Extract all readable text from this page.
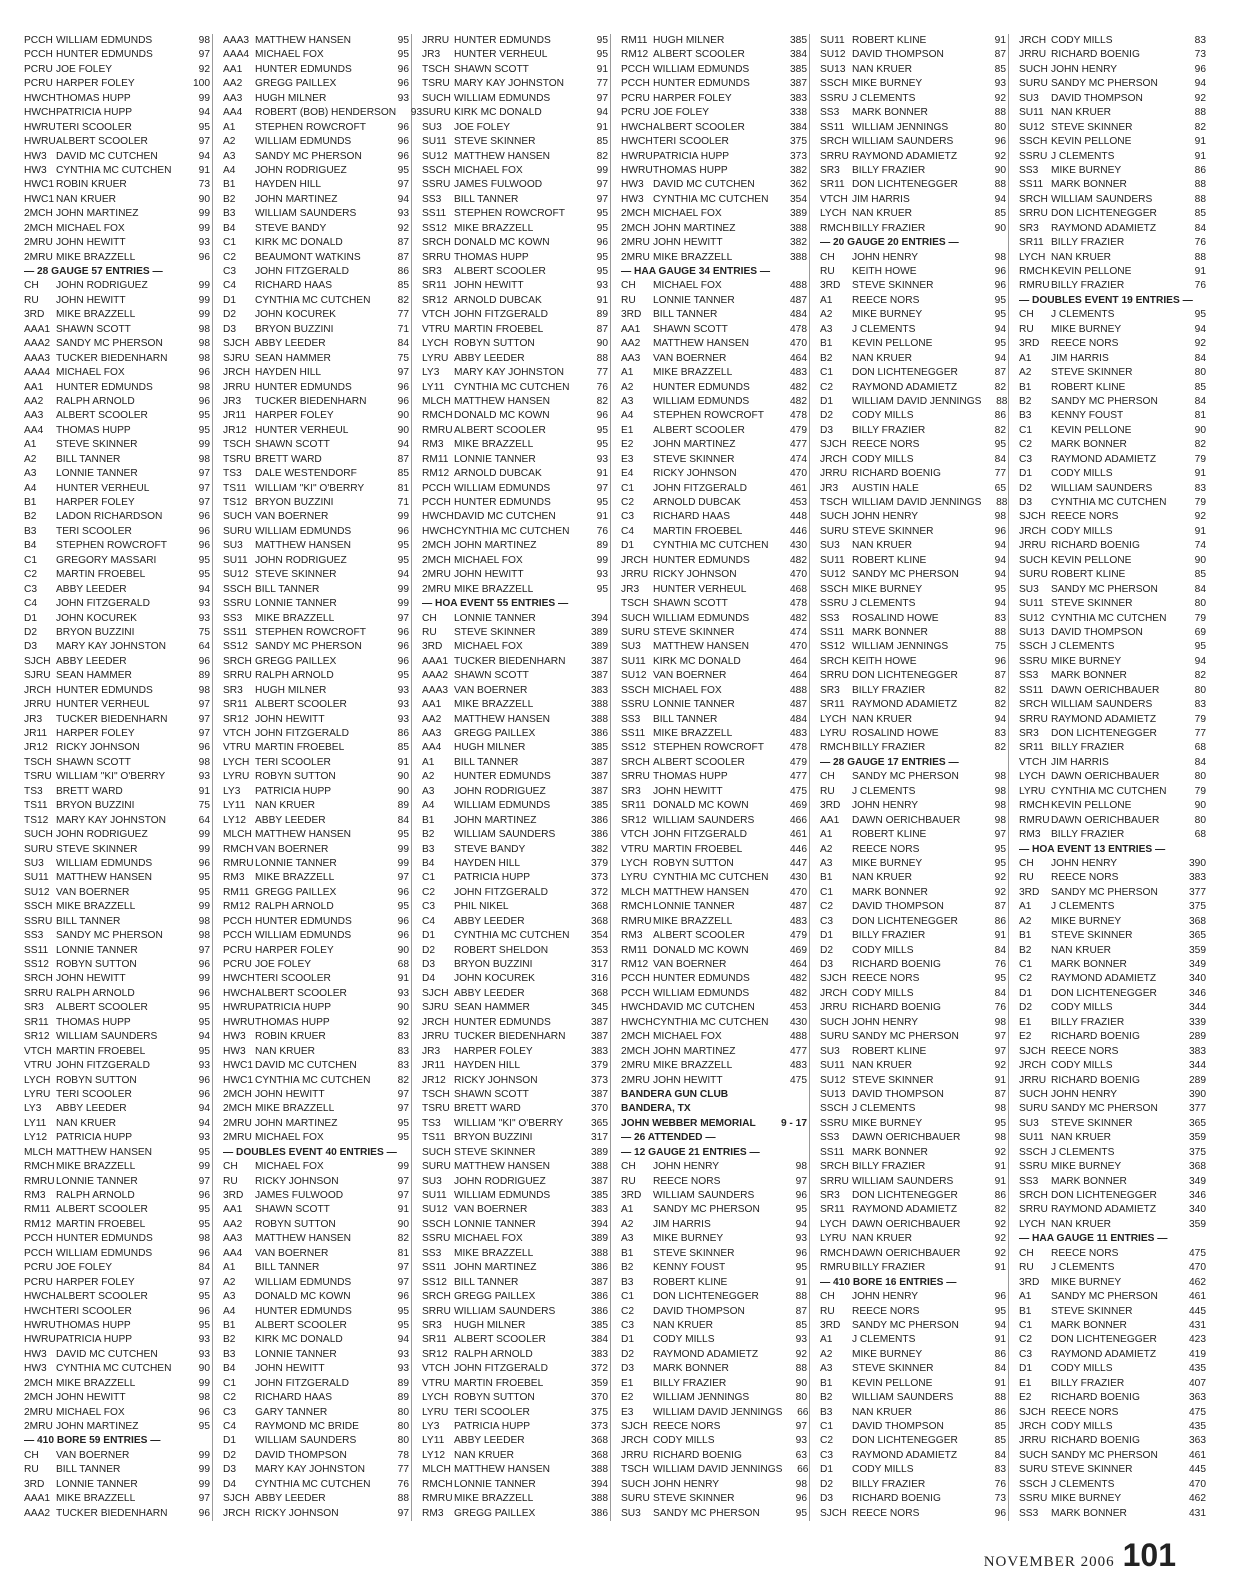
PCCH WILLIAM EDMUNDS	98
PCCH HUNTER EDMUNDS	97
PCRU JOE FOLEY	92
PCRU HARPER FOLEY	100
HWCH THOMAS HUPP	99
HWCH PATRICIA HUPP	94
HWRU TERI SCOOLER	95
HWRU ALBERT SCOOLER	97
HW3 DAVID MC CUTCHEN	94
HW3 CYNTHIA MC CUTCHEN	91
HWC1 ROBIN KRUER	73
HWC1 NAN KRUER	90
2MCH JOHN MARTINEZ	99
2MCH MICHAEL FOX	99
2MRU JOHN HEWITT	93
2MRU MIKE BRAZZELL	96
— 28 GAUGE 57 ENTRIES —
CH	JOHN RODRIGUEZ	99
RU	JOHN HEWITT	99
3RD	MIKE BRAZZELL	99
AAA1 SHAWN SCOTT	98
AAA2 SANDY MC PHERSON	98
AAA3 TUCKER BIEDENHARN	98
AAA4 MICHAEL FOX	96
AA1	HUNTER EDMUNDS	98
AA2	RALPH ARNOLD	96
AA3	ALBERT SCOOLER	95
AA4	THOMAS HUPP	95
A1	STEVE SKINNER	99
A2	BILL TANNER	98
A3	LONNIE TANNER	97
A4	HUNTER VERHEUL	97
B1	HARPER FOLEY	97
B2	LADON RICHARDSON	96
B3	TERI SCOOLER	96
B4	STEPHEN ROWCROFT	96
C1	GREGORY MASSARI	95
C2	MARTIN FROEBEL	95
C3	ABBY LEEDER	94
C4	JOHN FITZGERALD	93
D1	JOHN KOCUREK	93
D2	BRYON BUZZINI	75
D3	MARY KAY JOHNSTON	64
SJCH ABBY LEEDER	96
SJRU SEAN HAMMER	89
JRCH HUNTER EDMUNDS	98
JRRU HUNTER VERHEUL	97
JR3	TUCKER BIEDENHARN	97
JR11 HARPER FOLEY	97
JR12 RICKY JOHNSON	96
TSCH SHAWN SCOTT	98
TSRU WILLIAM "KI" O'BERRY	93
TS3	BRETT WARD	91
TS11 BRYON BUZZINI	75
TS12 MARY KAY JOHNSTON	64
SUCH JOHN RODRIGUEZ	99
SURU STEVE SKINNER	99
SU3	WILLIAM EDMUNDS	96
SU11 MATTHEW HANSEN	95
SU12 VAN BOERNER	95
SSCH MIKE BRAZZELL	99
SSRU BILL TANNER	98
SS3	SANDY MC PHERSON	98
SS11 LONNIE TANNER	97
SS12 ROBYN SUTTON	96
SRCH JOHN HEWITT	99
SRRU RALPH ARNOLD	96
SR3	ALBERT SCOOLER	95
SR11 THOMAS HUPP	95
SR12 WILLIAM SAUNDERS	94
VTCH MARTIN FROEBEL	95
VTRU JOHN FITZGERALD	93
LYCH ROBYN SUTTON	96
LYRU TERI SCOOLER	96
LY3	ABBY LEEDER	94
LY11 NAN KRUER	94
LY12 PATRICIA HUPP	93
MLCH MATTHEW HANSEN	95
RMCH MIKE BRAZZELL	99
RMRU LONNIE TANNER	97
RM3	RALPH ARNOLD	96
RM11 ALBERT SCOOLER	95
RM12 MARTIN FROEBEL	95
PCCH HUNTER EDMUNDS	98
PCCH WILLIAM EDMUNDS	96
PCRU JOE FOLEY	84
PCRU HARPER FOLEY	97
HWCH ALBERT SCOOLER	95
HWCH TERI SCOOLER	96
HWRU THOMAS HUPP	95
HWRU PATRICIA HUPP	93
HW3 DAVID MC CUTCHEN	93
HW3 CYNTHIA MC CUTCHEN	90
2MCH MIKE BRAZZELL	99
2MCH JOHN HEWITT	98
2MRU MICHAEL FOX	96
2MRU JOHN MARTINEZ	95
— 410 BORE 59 ENTRIES —
CH	VAN BOERNER	99
RU	BILL TANNER	99
3RD	LONNIE TANNER	99
AAA1 MIKE BRAZZELL	97
AAA2 TUCKER BIEDENHARN	96
AAA3 MATTHEW HANSEN	95
AAA4 MICHAEL FOX	95
AA1	HUNTER EDMUNDS	96
AA2	GREGG PAILLEX	96
AA3	HUGH MILNER	93
AA4	ROBERT (BOB) HENDERSON	93
A1	STEPHEN ROWCROFT	96
A2	WILLIAM EDMUNDS	96
A3	SANDY MC PHERSON	96
A4	JOHN RODRIGUEZ	95
B1	HAYDEN HILL	97
B2	JOHN MARTINEZ	94
B3	WILLIAM SAUNDERS	93
B4	STEVE BANDY	92
C1	KIRK MC DONALD	87
C2	BEAUMONT WATKINS	87
C3	JOHN FITZGERALD	86
C4	RICHARD HAAS	85
D1	CYNTHIA MC CUTCHEN	82
D2	JOHN KOCUREK	77
D3	BRYON BUZZINI	71
SJCH ABBY LEEDER	84
SJRU SEAN HAMMER	75
JRCH HAYDEN HILL	97
JRRU HUNTER EDMUNDS	96
JR3	TUCKER BIEDENHARN	96
JR11 HARPER FOLEY	90
JR12 HUNTER VERHEUL	90
TSCH SHAWN SCOTT	94
TSRU BRETT WARD	87
TS3	DALE WESTENDORF	85
TS11 WILLIAM "KI" O'BERRY	81
TS12 BRYON BUZZINI	71
SUCH VAN BOERNER	99
SURU WILLIAM EDMUNDS	96
SU3	MATTHEW HANSEN	95
SU11 JOHN RODRIGUEZ	95
SU12 STEVE SKINNER	94
SSCH BILL TANNER	99
SSRU LONNIE TANNER	99
SS3	MIKE BRAZZELL	97
SS11 STEPHEN ROWCROFT	96
SS12 SANDY MC PHERSON	96
SRCH GREGG PAILLEX	96
SRRU RALPH ARNOLD	95
SR3	HUGH MILNER	93
SR11 ALBERT SCOOLER	93
SR12 JOHN HEWITT	93
VTCH JOHN FITZGERALD	86
VTRU MARTIN FROEBEL	85
LYCH TERI SCOOLER	91
LYRU ROBYN SUTTON	90
LY3	PATRICIA HUPP	90
LY11 NAN KRUER	89
LY12 ABBY LEEDER	84
MLCH MATTHEW HANSEN	95
RMCH VAN BOERNER	99
RMRU LONNIE TANNER	99
RM3	MIKE BRAZZELL	97
RM11 GREGG PAILLEX	96
RM12 RALPH ARNOLD	95
PCCH HUNTER EDMUNDS	96
PCCH WILLIAM EDMUNDS	96
PCRU HARPER FOLEY	90
PCRU JOE FOLEY	68
HWCH TERI SCOOLER	91
HWCH ALBERT SCOOLER	93
HWRU PATRICIA HUPP	90
HWRU THOMAS HUPP	92
HW3 ROBIN KRUER	83
HW3 NAN KRUER	83
HWC1 DAVID MC CUTCHEN	83
HWC1 CYNTHIA MC CUTCHEN	82
2MCH JOHN HEWITT	97
2MCH MIKE BRAZZELL	97
2MRU JOHN MARTINEZ	95
2MRU MICHAEL FOX	95
— DOUBLES EVENT 40 ENTRIES —
CH	MICHAEL FOX	99
RU	RICKY JOHNSON	97
3RD	JAMES FULWOOD	97
AA1	SHAWN SCOTT	91
AA2	ROBYN SUTTON	90
AA3	MATTHEW HANSEN	82
AA4	VAN BOERNER	81
A1	BILL TANNER	97
A2	WILLIAM EDMUNDS	97
A3	DONALD MC KOWN	96
A4	HUNTER EDMUNDS	95
B1	ALBERT SCOOLER	95
B2	KIRK MC DONALD	94
B3	LONNIE TANNER	93
B4	JOHN HEWITT	93
C1	JOHN FITZGERALD	89
C2	RICHARD HAAS	89
C3	GARY TANNER	80
C4	RAYMOND MC BRIDE	80
D1	WILLIAM SAUNDERS	80
D2	DAVID THOMPSON	78
D3	MARY KAY JOHNSTON	77
D4	CYNTHIA MC CUTCHEN	76
SJCH ABBY LEEDER	88
JRCH RICKY JOHNSON	97
JRRU HUNTER EDMUNDS	95
JR3	HUNTER VERHEUL	95
TSCH SHAWN SCOTT	91
TSRU MARY KAY JOHNSTON	77
SUCH WILLIAM EDMUNDS	97
SURU KIRK MC DONALD	94
SU3	JOE FOLEY	91
SU11 STEVE SKINNER	85
SU12 MATTHEW HANSEN	82
SSCH MICHAEL FOX	99
SSRU JAMES FULWOOD	97
SS3	BILL TANNER	97
SS11 STEPHEN ROWCROFT	95
SS12 MIKE BRAZZELL	95
SRCH DONALD MC KOWN	96
SRRU THOMAS HUPP	95
SR3	ALBERT SCOOLER	95
SR11 JOHN HEWITT	93
SR12 ARNOLD DUBCAK	91
VTCH JOHN FITZGERALD	89
VTRU MARTIN FROEBEL	87
LYCH ROBYN SUTTON	90
LYRU ABBY LEEDER	88
LY3	MARY KAY JOHNSTON	77
LY11 CYNTHIA MC CUTCHEN	76
MLCH MATTHEW HANSEN	82
RMCH DONALD MC KOWN	96
RMRU ALBERT SCOOLER	95
RM3	MIKE BRAZZELL	95
RM11 LONNIE TANNER	93
RM12 ARNOLD DUBCAK	91
PCCH WILLIAM EDMUNDS	97
PCCH HUNTER EDMUNDS	95
HWCH DAVID MC CUTCHEN	91
HWCH CYNTHIA MC CUTCHEN	76
2MCH JOHN MARTINEZ	89
2MCH MICHAEL FOX	99
2MRU JOHN HEWITT	93
2MRU MIKE BRAZZELL	95
— HOA EVENT 55 ENTRIES —
CH	LONNIE TANNER	394
RU	STEVE SKINNER	389
3RD	MICHAEL FOX	389
AAA1 TUCKER BIEDENHARN	387
AAA2 SHAWN SCOTT	387
AAA3 VAN BOERNER	383
AA1	MIKE BRAZZELL	388
AA2	MATTHEW HANSEN	388
AA3	GREGG PAILLEX	386
AA4	HUGH MILNER	385
A1	BILL TANNER	387
A2	HUNTER EDMUNDS	387
A3	JOHN RODRIGUEZ	387
A4	WILLIAM EDMUNDS	385
B1	JOHN MARTINEZ	386
B2	WILLIAM SAUNDERS	386
B3	STEVE BANDY	382
B4	HAYDEN HILL	379
C1	PATRICIA HUPP	373
C2	JOHN FITZGERALD	372
C3	PHIL NIKEL	368
C4	ABBY LEEDER	368
D1	CYNTHIA MC CUTCHEN	354
D2	ROBERT SHELDON	353
D3	BRYON BUZZINI	317
D4	JOHN KOCUREK	316
SJCH ABBY LEEDER	368
SJRU SEAN HAMMER	345
JRCH HUNTER EDMUNDS	387
JRRU TUCKER BIEDENHARN	387
JR3	HARPER FOLEY	383
JR11 HAYDEN HILL	379
JR12 RICKY JOHNSON	373
TSCH SHAWN SCOTT	387
TSRU BRETT WARD	370
TS3	WILLIAM "KI" O'BERRY	365
TS11 BRYON BUZZINI	317
SUCH STEVE SKINNER	389
SURU MATTHEW HANSEN	388
SU3	JOHN RODRIGUEZ	387
SU11 WILLIAM EDMUNDS	385
SU12 VAN BOERNER	383
SSCH LONNIE TANNER	394
SSRU MICHAEL FOX	389
SS3	MIKE BRAZZELL	388
SS11 JOHN MARTINEZ	386
SS12 BILL TANNER	387
SRCH GREGG PAILLEX	386
SRRU WILLIAM SAUNDERS	386
SR3	HUGH MILNER	385
SR11 ALBERT SCOOLER	384
SR12 RALPH ARNOLD	383
VTCH JOHN FITZGERALD	372
VTRU MARTIN FROEBEL	359
LYCH ROBYN SUTTON	370
LYRU TERI SCOOLER	375
LY3	PATRICIA HUPP	373
LY11 ABBY LEEDER	368
LY12 NAN KRUER	368
MLCH MATTHEW HANSEN	388
RMCH LONNIE TANNER	394
RMRU MIKE BRAZZELL	388
RM3	GREGG PAILLEX	386
RM11 HUGH MILNER	385
RM12 ALBERT SCOOLER	384
PCCH WILLIAM EDMUNDS	385
PCCH HUNTER EDMUNDS	387
PCRU HARPER FOLEY	383
PCRU JOE FOLEY	338
HWCH ALBERT SCOOLER	384
HWCH TERI SCOOLER	375
HWRU PATRICIA HUPP	373
HWRU THOMAS HUPP	382
HW3 DAVID MC CUTCHEN	362
HW3 CYNTHIA MC CUTCHEN	354
2MCH MICHAEL FOX	389
2MCH JOHN MARTINEZ	388
2MRU JOHN HEWITT	382
2MRU MIKE BRAZZELL	388
— HAA GAUGE 34 ENTRIES —
CH	MICHAEL FOX	488
RU	LONNIE TANNER	487
3RD	BILL TANNER	484
AA1	SHAWN SCOTT	478
AA2	MATTHEW HANSEN	470
AA3	VAN BOERNER	464
A1	MIKE BRAZZELL	483
A2	HUNTER EDMUNDS	482
A3	WILLIAM EDMUNDS	482
A4	STEPHEN ROWCROFT	478
E1	ALBERT SCOOLER	479
E2	JOHN MARTINEZ	477
E3	STEVE SKINNER	474
E4	RICKY JOHNSON	470
C1	JOHN FITZGERALD	461
C2	ARNOLD DUBCAK	453
C3	RICHARD HAAS	448
C4	MARTIN FROEBEL	446
D1	CYNTHIA MC CUTCHEN	430
JRCH HUNTER EDMUNDS	482
JRRU RICKY JOHNSON	470
JR3	HUNTER VERHEUL	468
TSCH SHAWN SCOTT	478
SUCH WILLIAM EDMUNDS	482
SURU STEVE SKINNER	474
SU3	MATTHEW HANSEN	470
SU11 KIRK MC DONALD	464
SU12 VAN BOERNER	464
SSCH MICHAEL FOX	488
SSRU LONNIE TANNER	487
SS3	BILL TANNER	484
SS11 MIKE BRAZZELL	483
SS12 STEPHEN ROWCROFT	478
SRCH ALBERT SCOOLER	479
SRRU THOMAS HUPP	477
SR3	JOHN HEWITT	475
SR11 DONALD MC KOWN	469
SR12 WILLIAM SAUNDERS	466
VTCH JOHN FITZGERALD	461
VTRU MARTIN FROEBEL	446
LYCH ROBYN SUTTON	447
LYRU CYNTHIA MC CUTCHEN	430
MLCH MATTHEW HANSEN	470
RMCH LONNIE TANNER	487
RMRU MIKE BRAZZELL	483
RM3	ALBERT SCOOLER	479
RM11 DONALD MC KOWN	469
RM12 VAN BOERNER	464
PCCH HUNTER EDMUNDS	482
PCCH WILLIAM EDMUNDS	482
HWCH DAVID MC CUTCHEN	453
HWCH CYNTHIA MC CUTCHEN	430
2MCH MICHAEL FOX	488
2MCH JOHN MARTINEZ	477
2MRU MIKE BRAZZELL	483
2MRU JOHN HEWITT	475
BANDERA GUN CLUB
BANDERA, TX
JOHN WEBBER MEMORIAL	9 - 17
— 26 ATTENDED —
— 12 GAUGE 21 ENTRIES —
CH	JOHN HENRY	98
RU	REECE NORS	97
3RD	WILLIAM SAUNDERS	96
A1	SANDY MC PHERSON	95
A2	JIM HARRIS	94
A3	MIKE BURNEY	93
B1	STEVE SKINNER	96
B2	KENNY FOUST	95
B3	ROBERT KLINE	91
C1	DON LICHTENEGGER	88
C2	DAVID THOMPSON	87
C3	NAN KRUER	85
D1	CODY MILLS	93
D2	RAYMOND ADAMIETZ	92
D3	MARK BONNER	88
E1	BILLY FRAZIER	90
E2	WILLIAM JENNINGS	80
E3	WILLIAM DAVID JENNINGS	66
SJCH REECE NORS	97
JRCH CODY MILLS	93
JRRU RICHARD BOENIG	63
TSCH WILLIAM DAVID JENNINGS	66
SUCH JOHN HENRY	98
SURU STEVE SKINNER	96
SU3	SANDY MC PHERSON	95
SU11 ROBERT KLINE	91
SU12 DAVID THOMPSON	87
SU13 NAN KRUER	85
SSCH MIKE BURNEY	93
SSRU J CLEMENTS	92
SS3	MARK BONNER	88
SS11 WILLIAM JENNINGS	80
SRCH WILLIAM SAUNDERS	96
SRRU RAYMOND ADAMIETZ	92
SR3	BILLY FRAZIER	90
SR11 DON LICHTENEGGER	88
VTCH JIM HARRIS	94
LYCH NAN KRUER	85
RMCH BILLY FRAZIER	90
— 20 GAUGE 20 ENTRIES —
CH	JOHN HENRY	98
RU	KEITH HOWE	96
3RD	STEVE SKINNER	96
A1	REECE NORS	95
A2	MIKE BURNEY	95
A3	J CLEMENTS	94
B1	KEVIN PELLONE	95
B2	NAN KRUER	94
C1	DON LICHTENEGGER	87
C2	RAYMOND ADAMIETZ	82
D1	WILLIAM DAVID JENNINGS	88
D2	CODY MILLS	86
D3	BILLY FRAZIER	82
SJCH REECE NORS	95
JRCH CODY MILLS	84
JRRU RICHARD BOENIG	77
JR3	AUSTIN HALE	65
TSCH WILLIAM DAVID JENNINGS	88
SUCH JOHN HENRY	98
SURU STEVE SKINNER	96
SU3	NAN KRUER	94
SU11 ROBERT KLINE	94
SU12 SANDY MC PHERSON	94
SSCH MIKE BURNEY	95
SSRU J CLEMENTS	94
SS3	ROSALIND HOWE	83
SS11 MARK BONNER	88
SS12 WILLIAM JENNINGS	75
SRCH KEITH HOWE	96
SRRU DON LICHTENEGGER	87
SR3	BILLY FRAZIER	82
SR11 RAYMOND ADAMIETZ	82
LYCH NAN KRUER	94
LYRU ROSALIND HOWE	83
RMCH BILLY FRAZIER	82
— 28 GAUGE 17 ENTRIES —
CH	SANDY MC PHERSON	98
RU	J CLEMENTS	98
3RD	JOHN HENRY	98
AA1	DAWN OERICHBAUER	98
A1	ROBERT KLINE	97
A2	REECE NORS	95
A3	MIKE BURNEY	95
B1	NAN KRUER	92
C1	MARK BONNER	92
C2	DAVID THOMPSON	87
C3	DON LICHTENEGGER	86
D1	BILLY FRAZIER	91
D2	CODY MILLS	84
D3	RICHARD BOENIG	76
SJCH REECE NORS	95
JRCH CODY MILLS	84
JRRU RICHARD BOENIG	76
SUCH JOHN HENRY	98
SURU SANDY MC PHERSON	97
SU3	ROBERT KLINE	97
SU11 NAN KRUER	92
SU12 STEVE SKINNER	91
SU13 DAVID THOMPSON	87
SSCH J CLEMENTS	98
SSRU MIKE BURNEY	95
SS3	DAWN OERICHBAUER	98
SS11 MARK BONNER	92
SRCH BILLY FRAZIER	91
SRRU WILLIAM SAUNDERS	91
SR3	DON LICHTENEGGER	86
SR11 RAYMOND ADAMIETZ	82
LYCH DAWN OERICHBAUER	92
LYRU NAN KRUER	92
RMCH DAWN OERICHBAUER	92
RMRU BILLY FRAZIER	91
— 410 BORE 16 ENTRIES —
CH	JOHN HENRY	96
RU	REECE NORS	95
3RD	SANDY MC PHERSON	94
A1	J CLEMENTS	91
A2	MIKE BURNEY	86
A3	STEVE SKINNER	84
B1	KEVIN PELLONE	91
B2	WILLIAM SAUNDERS	88
B3	NAN KRUER	86
C1	DAVID THOMPSON	85
C2	DON LICHTENEGGER	85
C3	RAYMOND ADAMIETZ	84
D1	CODY MILLS	83
D2	BILLY FRAZIER	76
D3	RICHARD BOENIG	73
SJCH REECE NORS	96
JRCH CODY MILLS	83
JRRU RICHARD BOENIG	73
SUCH JOHN HENRY	96
SURU SANDY MC PHERSON	94
SU3	DAVID THOMPSON	92
SU11 NAN KRUER	88
SU12 STEVE SKINNER	82
SSCH KEVIN PELLONE	91
SSRU J CLEMENTS	91
SS3	MIKE BURNEY	86
SS11 MARK BONNER	88
SRCH WILLIAM SAUNDERS	88
SRRU DON LICHTENEGGER	85
SR3	RAYMOND ADAMIETZ	84
SR11 BILLY FRAZIER	76
LYCH NAN KRUER	88
RMCH KEVIN PELLONE	91
RMRU BILLY FRAZIER	76
— DOUBLES EVENT 19 ENTRIES —
CH	J CLEMENTS	95
RU	MIKE BURNEY	94
3RD	REECE NORS	92
A1	JIM HARRIS	84
A2	STEVE SKINNER	80
B1	ROBERT KLINE	85
B2	SANDY MC PHERSON	84
B3	KENNY FOUST	81
C1	KEVIN PELLONE	90
C2	MARK BONNER	82
C3	RAYMOND ADAMIETZ	79
D1	CODY MILLS	91
D2	WILLIAM SAUNDERS	83
D3	CYNTHIA MC CUTCHEN	79
SJCH REECE NORS	92
JRCH CODY MILLS	91
JRRU RICHARD BOENIG	74
SUCH KEVIN PELLONE	90
SURU ROBERT KLINE	85
SU3	SANDY MC PHERSON	84
SU11 STEVE SKINNER	80
SU12 CYNTHIA MC CUTCHEN	79
SU13 DAVID THOMPSON	69
SSCH J CLEMENTS	95
SSRU MIKE BURNEY	94
SS3	MARK BONNER	82
SS11 DAWN OERICHBAUER	80
SRCH WILLIAM SAUNDERS	83
SRRU RAYMOND ADAMIETZ	79
SR3	DON LICHTENEGGER	77
SR11 BILLY FRAZIER	68
VTCH JIM HARRIS	84
LYCH DAWN OERICHBAUER	80
LYRU CYNTHIA MC CUTCHEN	79
RMCH KEVIN PELLONE	90
RMRU DAWN OERICHBAUER	80
RM3	BILLY FRAZIER	68
— HOA EVENT 13 ENTRIES —
CH	JOHN HENRY	390
RU	REECE NORS	383
3RD	SANDY MC PHERSON	377
A1	J CLEMENTS	375
A2	MIKE BURNEY	368
B1	STEVE SKINNER	365
B2	NAN KRUER	359
C1	MARK BONNER	349
C2	RAYMOND ADAMIETZ	340
D1	DON LICHTENEGGER	346
D2	CODY MILLS	344
E1	BILLY FRAZIER	339
E2	RICHARD BOENIG	289
SJCH REECE NORS	383
JRCH CODY MILLS	344
JRRU RICHARD BOENIG	289
SUCH JOHN HENRY	390
SURU SANDY MC PHERSON	377
SU3	STEVE SKINNER	365
SU11 NAN KRUER	359
SSCH J CLEMENTS	375
SSRU MIKE BURNEY	368
SS3	MARK BONNER	349
SRCH DON LICHTENEGGER	346
SRRU RAYMOND ADAMIETZ	340
LYCH NAN KRUER	359
— HAA GAUGE 11 ENTRIES —
CH	REECE NORS	475
RU	J CLEMENTS	470
3RD	MIKE BURNEY	462
A1	SANDY MC PHERSON	461
B1	STEVE SKINNER	445
C1	MARK BONNER	431
C2	DON LICHTENEGGER	423
C3	RAYMOND ADAMIETZ	419
D1	CODY MILLS	435
E1	BILLY FRAZIER	407
E2	RICHARD BOENIG	363
SJCH REECE NORS	475
JRCH CODY MILLS	435
JRRU RICHARD BOENIG	363
SUCH SANDY MC PHERSON	461
SURU STEVE SKINNER	445
SSCH J CLEMENTS	470
SSRU MIKE BURNEY	462
SS3	MARK BONNER	431
NOVEMBER 2006 101
